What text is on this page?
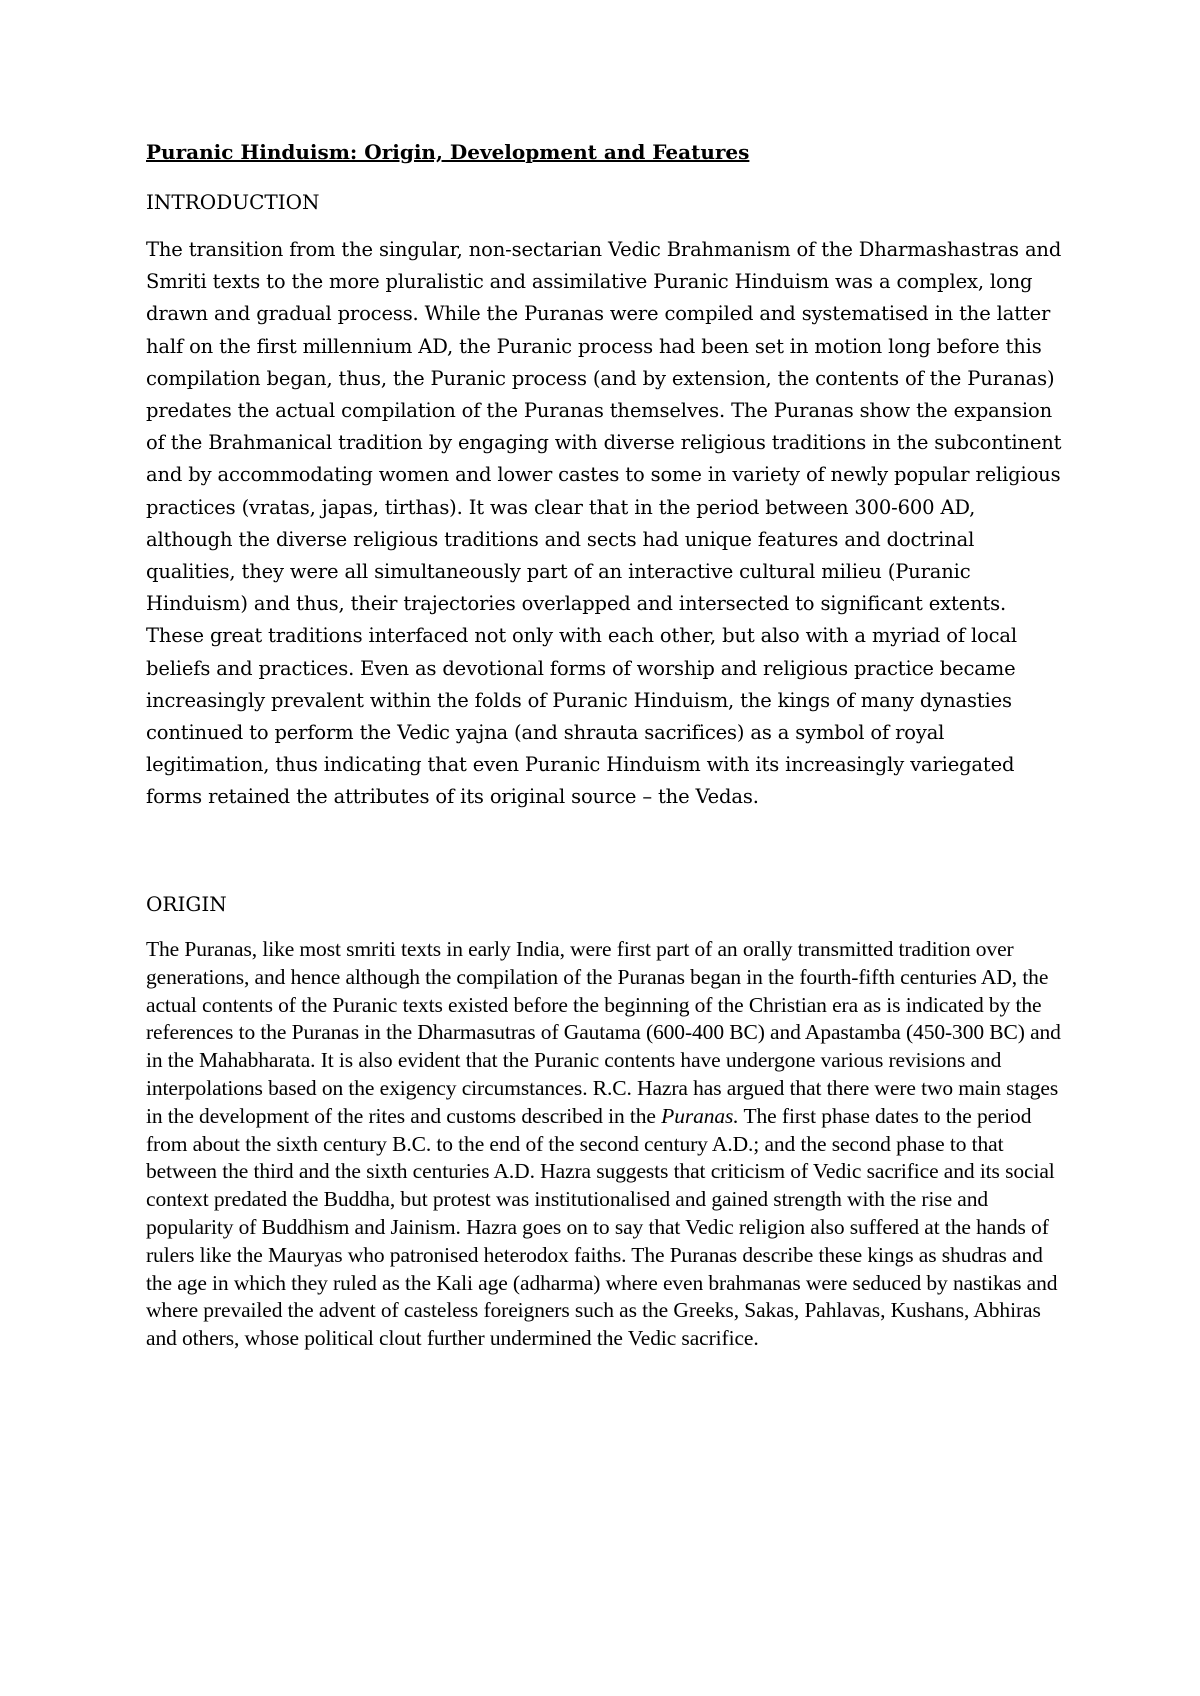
Puranic Hinduism: Origin, Development and Features
INTRODUCTION

The transition from the singular, non-sectarian Vedic Brahmanism of the Dharmashastras and Smriti texts to the more pluralistic and assimilative Puranic Hinduism was a complex, long drawn and gradual process. While the Puranas were compiled and systematised in the latter half on the first millennium AD, the Puranic process had been set in motion long before this compilation began, thus, the Puranic process (and by extension, the contents of the Puranas) predates the actual compilation of the Puranas themselves. The Puranas show the expansion of the Brahmanical tradition by engaging with diverse religious traditions in the subcontinent and by accommodating women and lower castes to some in variety of newly popular religious practices (vratas, japas, tirthas). It was clear that in the period between 300-600 AD, although the diverse religious traditions and sects had unique features and doctrinal qualities, they were all simultaneously part of an interactive cultural milieu (Puranic Hinduism) and thus, their trajectories overlapped and intersected to significant extents. These great traditions interfaced not only with each other, but also with a myriad of local beliefs and practices. Even as devotional forms of worship and religious practice became increasingly prevalent within the folds of Puranic Hinduism, the kings of many dynasties continued to perform the Vedic yajna (and shrauta sacrifices) as a symbol of royal legitimation, thus indicating that even Puranic Hinduism with its increasingly variegated forms retained the attributes of its original source – the Vedas.

ORIGIN

The Puranas, like most smriti texts in early India, were first part of an orally transmitted tradition over generations, and hence although the compilation of the Puranas began in the fourth-fifth centuries AD, the actual contents of the Puranic texts existed before the beginning of the Christian era as is indicated by the references to the Puranas in the Dharmasutras of Gautama (600-400 BC) and Apastamba (450-300 BC) and in the Mahabharata. It is also evident that the Puranic contents have undergone various revisions and interpolations based on the exigency circumstances. R.C. Hazra has argued that there were two main stages in the development of the rites and customs described in the Puranas. The first phase dates to the period from about the sixth century B.C. to the end of the second century A.D.; and the second phase to that between the third and the sixth centuries A.D. Hazra suggests that criticism of Vedic sacrifice and its social context predated the Buddha, but protest was institutionalised and gained strength with the rise and popularity of Buddhism and Jainism. Hazra goes on to say that Vedic religion also suffered at the hands of rulers like the Mauryas who patronised heterodox faiths. The Puranas describe these kings as shudras and the age in which they ruled as the Kali age (adharma) where even brahmanas were seduced by nastikas and where prevailed the advent of casteless foreigners such as the Greeks, Sakas, Pahlavas, Kushans, Abhiras and others, whose political clout further undermined the Vedic sacrifice.
